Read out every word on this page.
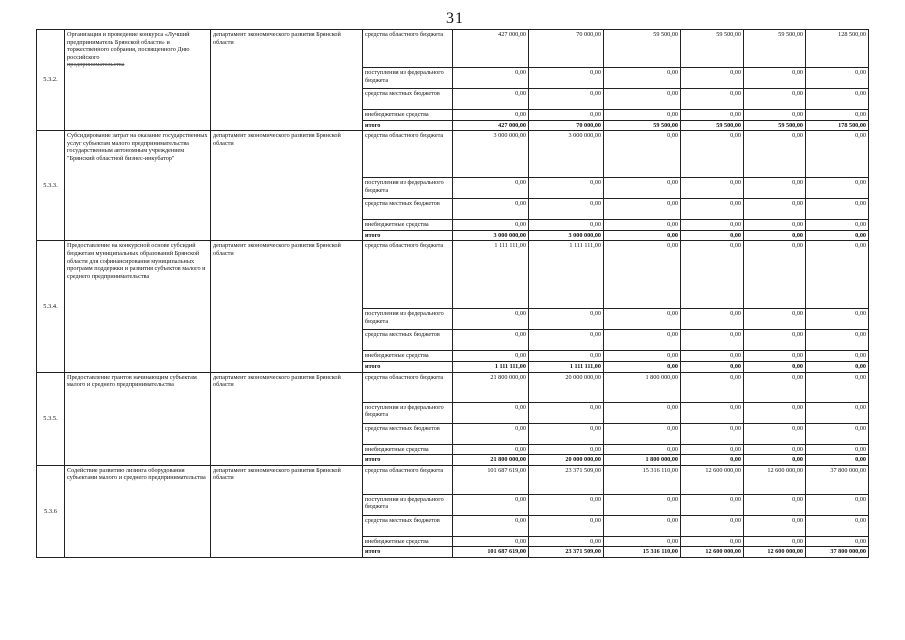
31
5.3.2.	Организация и проведение конкурса «Лучший предприниматель Брянской области» и торжественного собрания, посвященного Дню российского
предпринимательства	департамент экономического развития Брянской области	средства областного бюджета	427 000,00	70 000,00	59 500,00	59 500,00	59 500,00	128 500,00
			поступления из федерального бюджета	0,00	0,00	0,00	0,00	0,00	0,00
			средства местных бюджетов	0,00	0,00	0,00	0,00	0,00	0,00
			внебюджетные средства	0,00	0,00	0,00	0,00	0,00	0,00
			итого	427 000,00	70 000,00	59 500,00	59 500,00	59 500,00	178 500,00
5.3.3.	Субсидирование затрат на оказание государственных услуг субъектам малого предпринимательства государственным автономным учреждением "Брянский областной бизнес-инкубатор"	департамент экономического развития Брянской области	средства областного бюджета	3 000 000,00	3 000 000,00	0,00	0,00	0,00	0,00
			поступления из федерального бюджета	0,00	0,00	0,00	0,00	0,00	0,00
			средства местных бюджетов	0,00	0,00	0,00	0,00	0,00	0,00
			внебюджетные средства	0,00	0,00	0,00	0,00	0,00	0,00
			итого	3 000 000,00	3 000 000,00	0,00	0,00	0,00	0,00
5.3.4.	Предоставление на конкурсной основе субсидий бюджетам муниципальных образований Брянской области для софинансирования муниципальных программ поддержки и развития субъектов малого и среднего предпринимательства	департамент экономического развития Брянской области	средства областного бюджета	1 111 111,00	1 111 111,00	0,00	0,00	0,00	0,00
			поступления из федерального бюджета	0,00	0,00	0,00	0,00	0,00	0,00
			средства местных бюджетов	0,00	0,00	0,00	0,00	0,00	0,00
			внебюджетные средства	0,00	0,00	0,00	0,00	0,00	0,00
			итого	1 111 111,00	1 111 111,00	0,00	0,00	0,00	0,00
5.3.5.	Предоставление грантов начинающим субъектам малого и среднего предпринимательства	департамент экономического развития Брянской области	средства областного бюджета	21 800 000,00	20 000 000,00	1 800 000,00	0,00	0,00	0,00
			поступления из федерального бюджета	0,00	0,00	0,00	0,00	0,00	0,00
			средства местных бюджетов	0,00	0,00	0,00	0,00	0,00	0,00
			внебюджетные средства	0,00	0,00	0,00	0,00	0,00	0,00
			итого	21 800 000,00	20 000 000,00	1 800 000,00	0,00	0,00	0,00
5.3.6	Содействие развитию лизинга оборудования субъектами малого и среднего предпринимательства	департамент экономического развития Брянской области	средства областного бюджета	101 687 619,00	23 371 509,00	15 316 110,00	12 600 000,00	12 600 000,00	37 800 000,00
			поступления из федерального бюджета	0,00	0,00	0,00	0,00	0,00	0,00
			средства местных бюджетов	0,00	0,00	0,00	0,00	0,00	0,00
			внебюджетные средства	0,00	0,00	0,00	0,00	0,00	0,00
			итого	101 687 619,00	23 371 509,00	15 316 110,00	12 600 000,00	12 600 000,00	37 800 000,00
